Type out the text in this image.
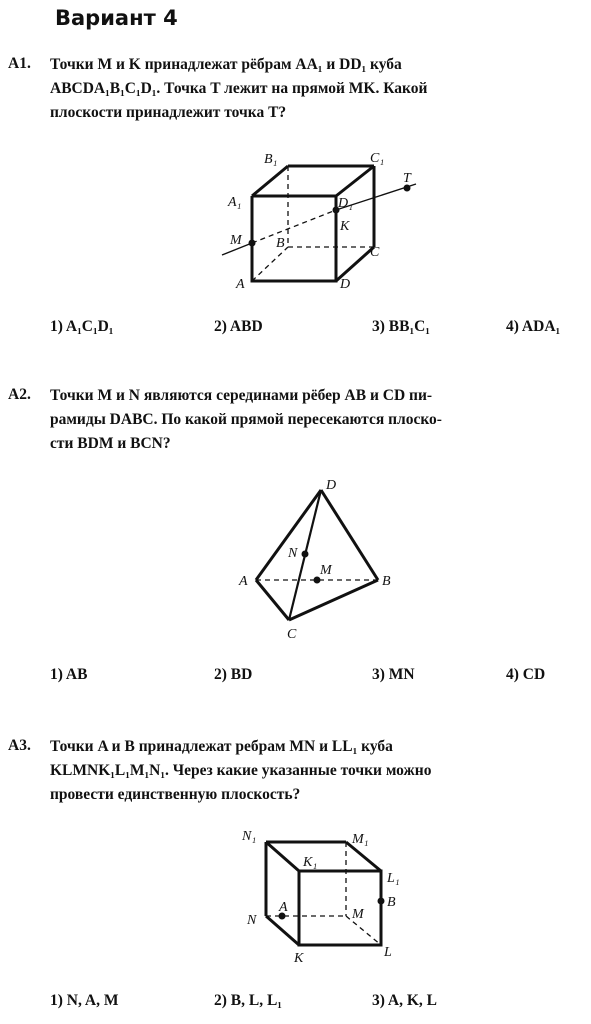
Вариант 4
А1. Точки M и K принадлежат рёбрам AA₁ и DD₁ куба
ABCDA₁B₁C₁D₁. Точка T лежит на прямой MK. Какой
плоскости принадлежит точка T?
B₁	C₁
A₁	D₁
T
K
M B
C
A	D
1) A₁C₁D₁	2) ABD	3) BB₁C₁	4) ADA₁
А2. Точки M и N являются серединами рёбер AB и CD пи-
рамиды DABC. По какой прямой пересекаются плоско-
сти BDM и BCN?
D
N
M
A	B
C
1) AB	2) BD	3) MN	4) CD
А3. Точки A и B принадлежат ребрам MN и LL₁ куба
KLMNK₁L₁M₁N₁. Через какие указанные точки можно
провести единственную плоскость?
N₁	M₁
K₁
L₁
N
A	M
B
K	L
1) N, A, M	2) B, L, L₁	3) A, K, L
